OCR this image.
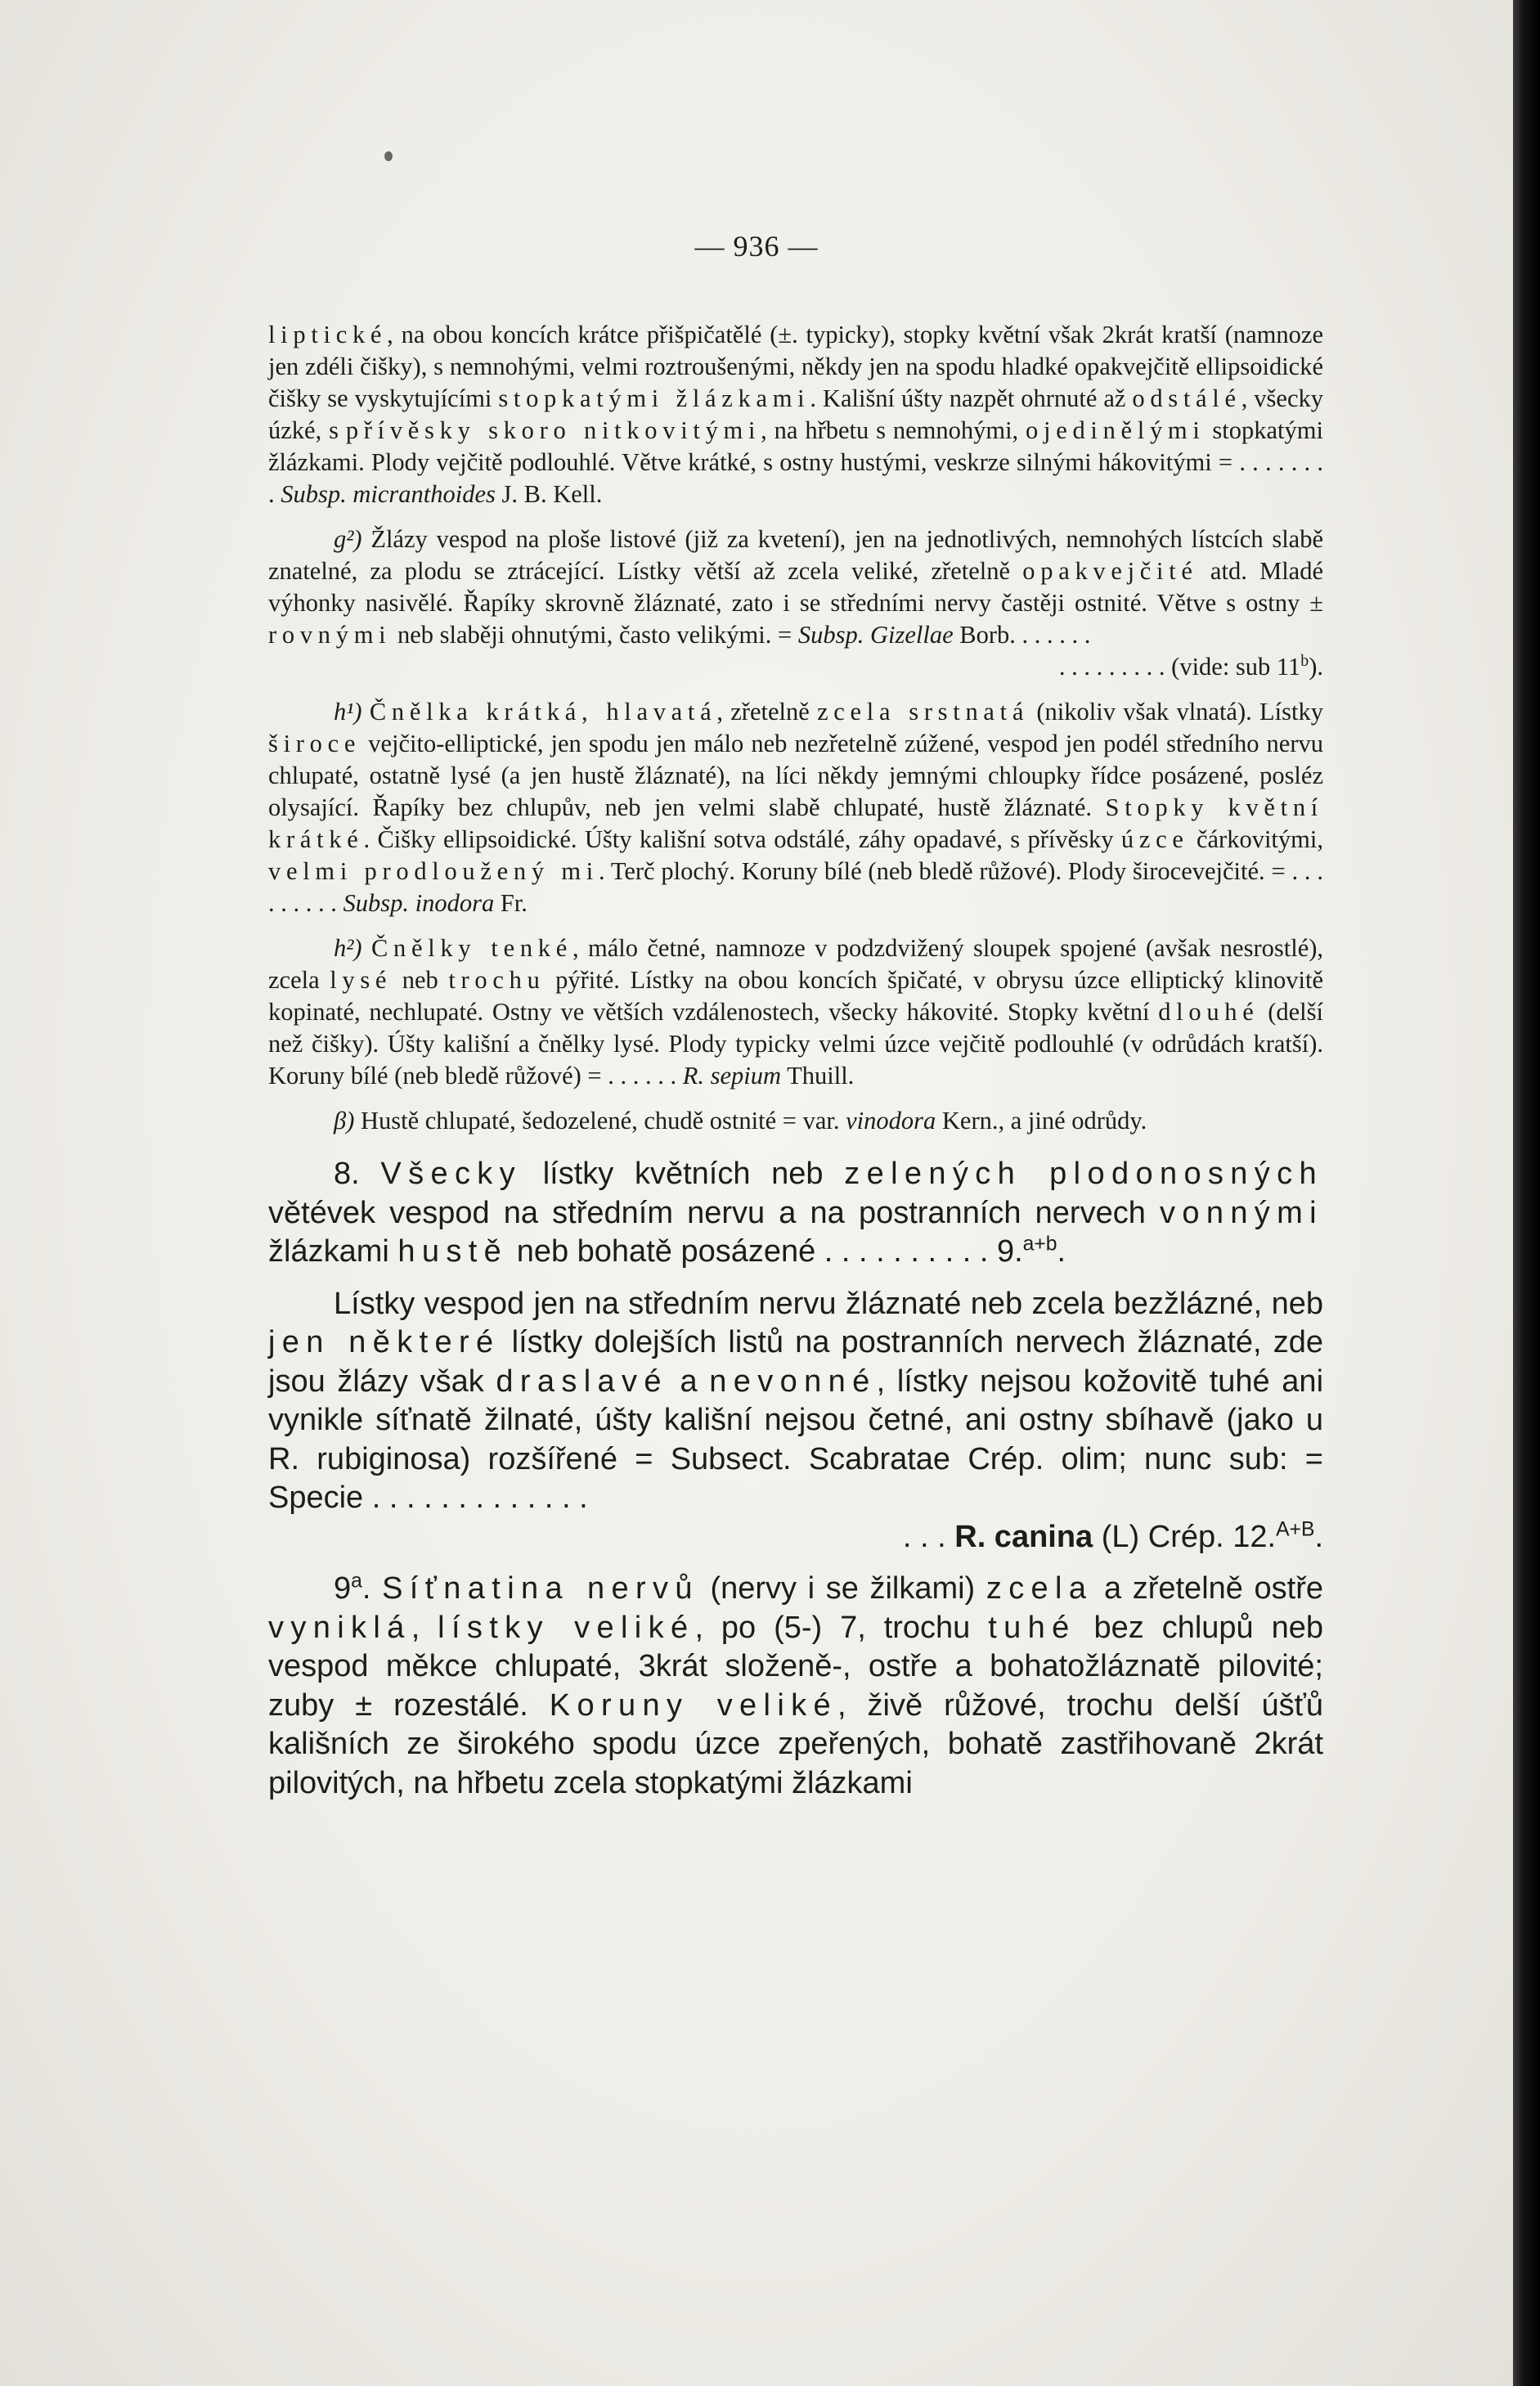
— 936 —

liptické, na obou koncích krátce přišpičatělé (±. typicky), stopky květní však 2krát kratší (namnoze jen zdéli čišky), s nemnohými, velmi roztroušenými, někdy jen na spodu hladké opakvejčitě ellipsoidické čišky se vyskytujícími stopkatými žlázkami. Kališní úšty nazpět ohrnuté až odstálé, všecky úzké, s přívěsky skoro nitkovitými, na hřbetu s nemnohými, ojedinělými stopkatými žlázkami. Plody vejčitě podlouhlé. Větve krátké, s ostny hustými, veskrze silnými hákovitými = . . . . . . . . Subsp. micranthoides J. B. Kell.

g²) Žlázy vespod na ploše listové (již za kvetení), jen na jednotlivých, nemnohých lístcích slabě znatelné, za plodu se ztrácející. Lístky větší až zcela veliké, zřetelně opakvejčité atd. Mladé výhonky nasivělé. Řapíky skrovně žláznaté, zato i se středními nervy častěji ostnité. Větve s ostny ± rovnými neb slaběji ohnutými, často velikými. = Subsp. Gizellae Borb. . . . . . .

. . . . . . . . . (vide: sub 11$^b$).

h¹) Čnělka krátká, hlavatá, zřetelně zcela srstnatá (nikoliv však vlnatá). Lístky široce vejčito-elliptické, jen spodu jen málo neb nezřetelně zúžené, vespod jen podél středního nervu chlupaté, ostatně lysé (a jen hustě žláznaté), na líci někdy jemnými chloupky řídce posázené, posléz olysající. Řapíky bez chlupův, neb jen velmi slabě chlupaté, hustě žláznaté. Stopky květní krátké. Čišky ellipsoidické. Úšty kališní sotva odstálé, záhy opadavé, s přívěsky úzce čárkovitými, velmi prodloužený mi. Terč plochý. Koruny bílé (neb bledě růžové). Plody širocevejčité. = . . . . . . . . . Subsp. inodora Fr.

h²) Čnělky tenké, málo četné, namnoze v podzdvižený sloupek spojené (avšak nesrostlé), zcela lysé neb trochu pýřité. Lístky na obou koncích špičaté, v obrysu úzce elliptický klinovitě kopinaté, nechlupaté. Ostny ve větších vzdálenostech, všecky hákovité. Stopky květní dlouhé (delší než čišky). Úšty kališní a čnělky lysé. Plody typicky velmi úzce vejčitě podlouhlé (v odrůdách kratší). Koruny bílé (neb bledě růžové) = . . . . . . R. sepium Thuill.

β) Hustě chlupaté, šedozelené, chudě ostnité = var. vinodora Kern., a jiné odrůdy.

8. Všecky lístky květních neb zelených plodonosných větévek vespod na středním nervu a na postranních nervech vonnými žlázkami hustě neb bohatě posázené . . . . . . . . . . 9.$^{a+b}$.

Lístky vespod jen na středním nervu žláznaté neb zcela bezžlázné, neb jen některé lístky dolejších listů na postranních nervech žláznaté, zde jsou žlázy však draslavé a nevonné, lístky nejsou kožovitě tuhé ani vynikle síťnatě žilnaté, úšty kališní nejsou četné, ani ostny sbíhavě (jako u R. rubiginosa) rozšířené = Subsect. Scabratae Crép. olim; nunc sub: = Specie . . . . . . . . . . . . .

. . . R. canina (L) Crép. 12.$^{A+B}$.

9$^a$. Síťnatina nervů (nervy i se žilkami) zcela a zřetelně ostře vyniklá, lístky veliké, po (5-) 7, trochu tuhé bez chlupů neb vespod měkce chlupaté, 3krát složeně-, ostře a bohatožláznatě pilovité; zuby ± rozestálé. Koruny veliké, živě růžové, trochu delší úšťů kališních ze širokého spodu úzce zpeřených, bohatě zastřihovaně 2krát pilovitých, na hřbetu zcela stopkatými žlázkami
